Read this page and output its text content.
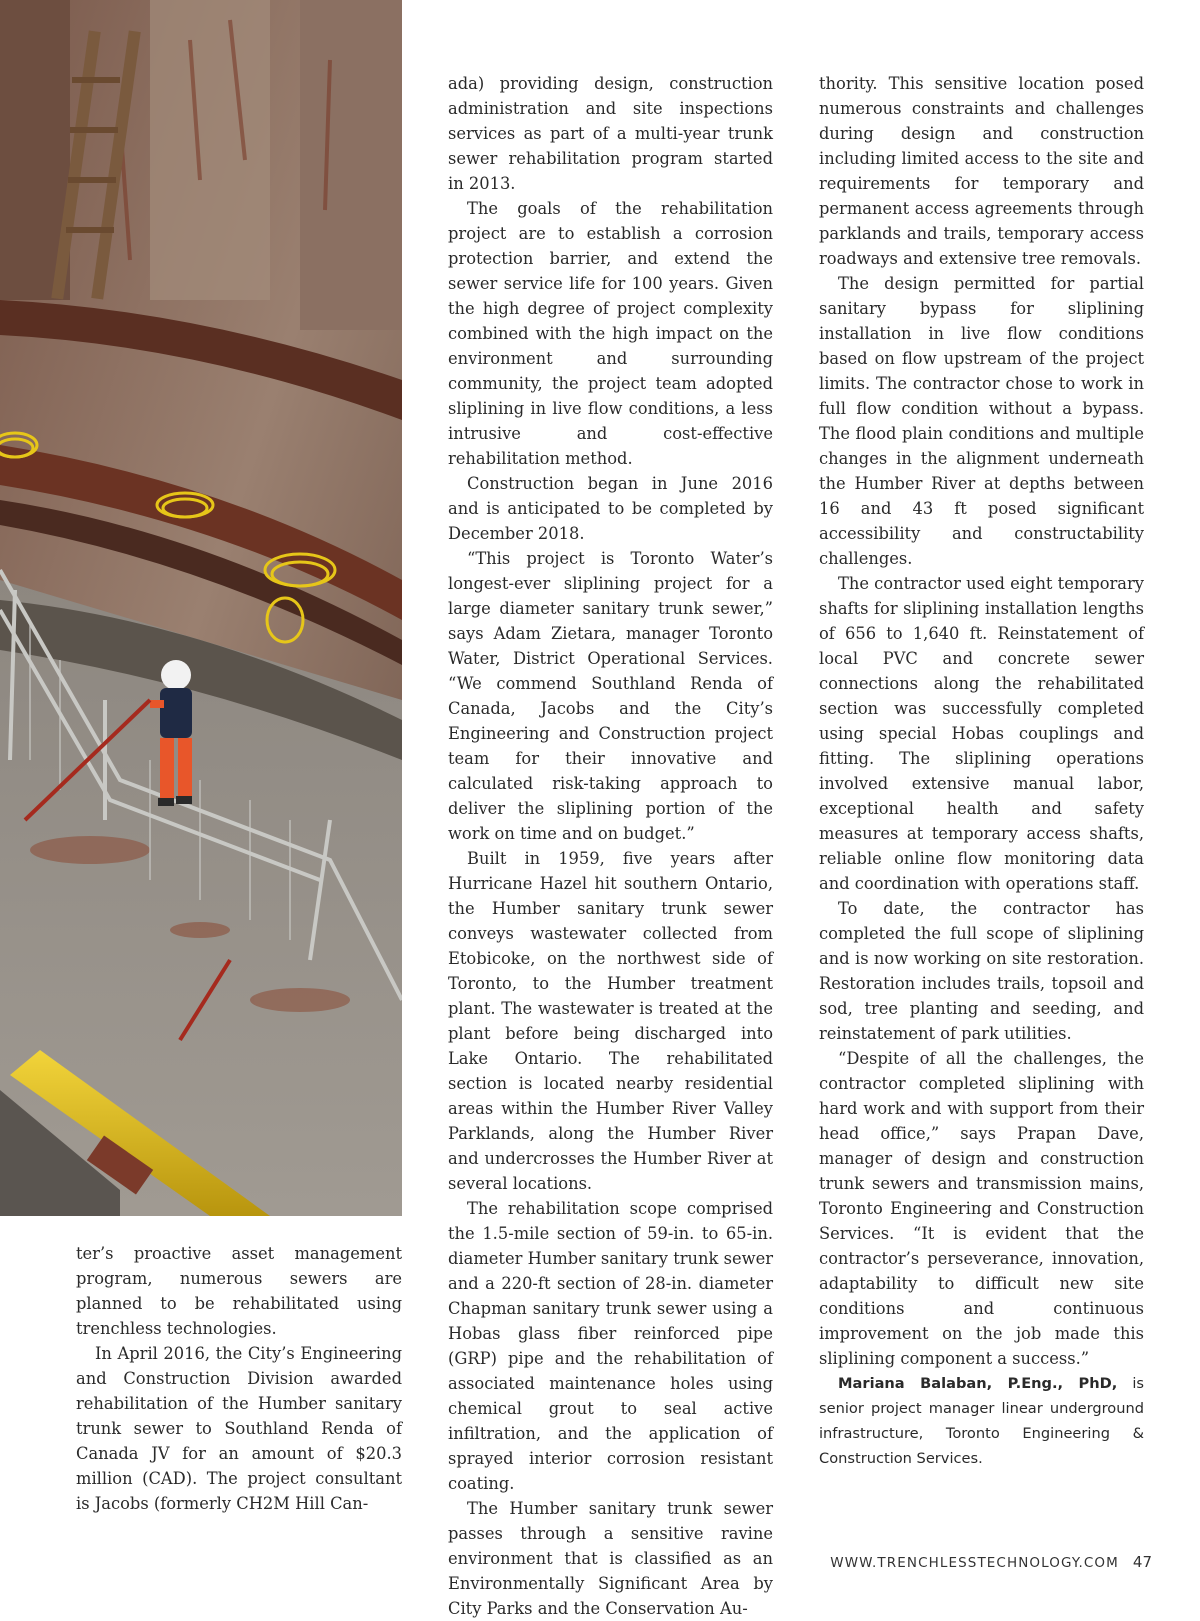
ter’s proactive asset management program, numerous sewers are planned to be rehabilitated using trenchless technologies.

In April 2016, the City’s Engineering and Construction Division awarded rehabilitation of the Humber sanitary trunk sewer to Southland Renda of Canada JV for an amount of $20.3 million (CAD). The project consultant is Jacobs (formerly CH2M Hill Can-

ada) providing design, construction administration and site inspections services as part of a multi-year trunk sewer rehabilitation program started in 2013.

The goals of the rehabilitation project are to establish a corrosion protection barrier, and extend the sewer service life for 100 years. Given the high degree of project complexity combined with the high impact on the environment and surrounding community, the project team adopted sliplining in live flow conditions, a less intrusive and cost-effective rehabilitation method.

Construction began in June 2016 and is anticipated to be completed by December 2018.

“This project is Toronto Water’s longest-ever sliplining project for a large diameter sanitary trunk sewer,” says Adam Zietara, manager Toronto Water, District Operational Services. “We commend Southland Renda of Canada, Jacobs and the City’s Engineering and Construction project team for their innovative and calculated risk-taking approach to deliver the sliplining portion of the work on time and on budget.”

Built in 1959, five years after Hurricane Hazel hit southern Ontario, the Humber sanitary trunk sewer conveys wastewater collected from Etobicoke, on the northwest side of Toronto, to the Humber treatment plant. The wastewater is treated at the plant before being discharged into Lake Ontario. The rehabilitated section is located nearby residential areas within the Humber River Valley Parklands, along the Humber River and undercrosses the Humber River at several locations.

The rehabilitation scope comprised the 1.5-mile section of 59-in. to 65-in. diameter Humber sanitary trunk sewer and a 220-ft section of 28-in. diameter Chapman sanitary trunk sewer using a Hobas glass fiber reinforced pipe (GRP) pipe and the rehabilitation of associated maintenance holes using chemical grout to seal active infiltration, and the application of sprayed interior corrosion resistant coating.

The Humber sanitary trunk sewer passes through a sensitive ravine environment that is classified as an Environmentally Significant Area by City Parks and the Conservation Au-

thority. This sensitive location posed numerous constraints and challenges during design and construction including limited access to the site and requirements for temporary and permanent access agreements through parklands and trails, temporary access roadways and extensive tree removals.

The design permitted for partial sanitary bypass for sliplining installation in live flow conditions based on flow upstream of the project limits. The contractor chose to work in full flow condition without a bypass. The flood plain conditions and multiple changes in the alignment underneath the Humber River at depths between 16 and 43 ft posed significant accessibility and constructability challenges.

The contractor used eight temporary shafts for sliplining installation lengths of 656 to 1,640 ft. Reinstatement of local PVC and concrete sewer connections along the rehabilitated section was successfully completed using special Hobas couplings and fitting. The sliplining operations involved extensive manual labor, exceptional health and safety measures at temporary access shafts, reliable online flow monitoring data and coordination with operations staff.

To date, the contractor has completed the full scope of sliplining and is now working on site restoration. Restoration includes trails, topsoil and sod, tree planting and seeding, and reinstatement of park utilities.

“Despite of all the challenges, the contractor completed sliplining with hard work and with support from their head office,” says Prapan Dave, manager of design and construction trunk sewers and transmission mains, Toronto Engineering and Construction Services. “It is evident that the contractor’s perseverance, innovation, adaptability to difficult new site conditions and continuous improvement on the job made this sliplining component a success.”

Mariana Balaban, P.Eng., PhD, is senior project manager linear underground infrastructure, Toronto Engineering & Construction Services.

WWW.TRENCHLESSTECHNOLOGY.COM 47
